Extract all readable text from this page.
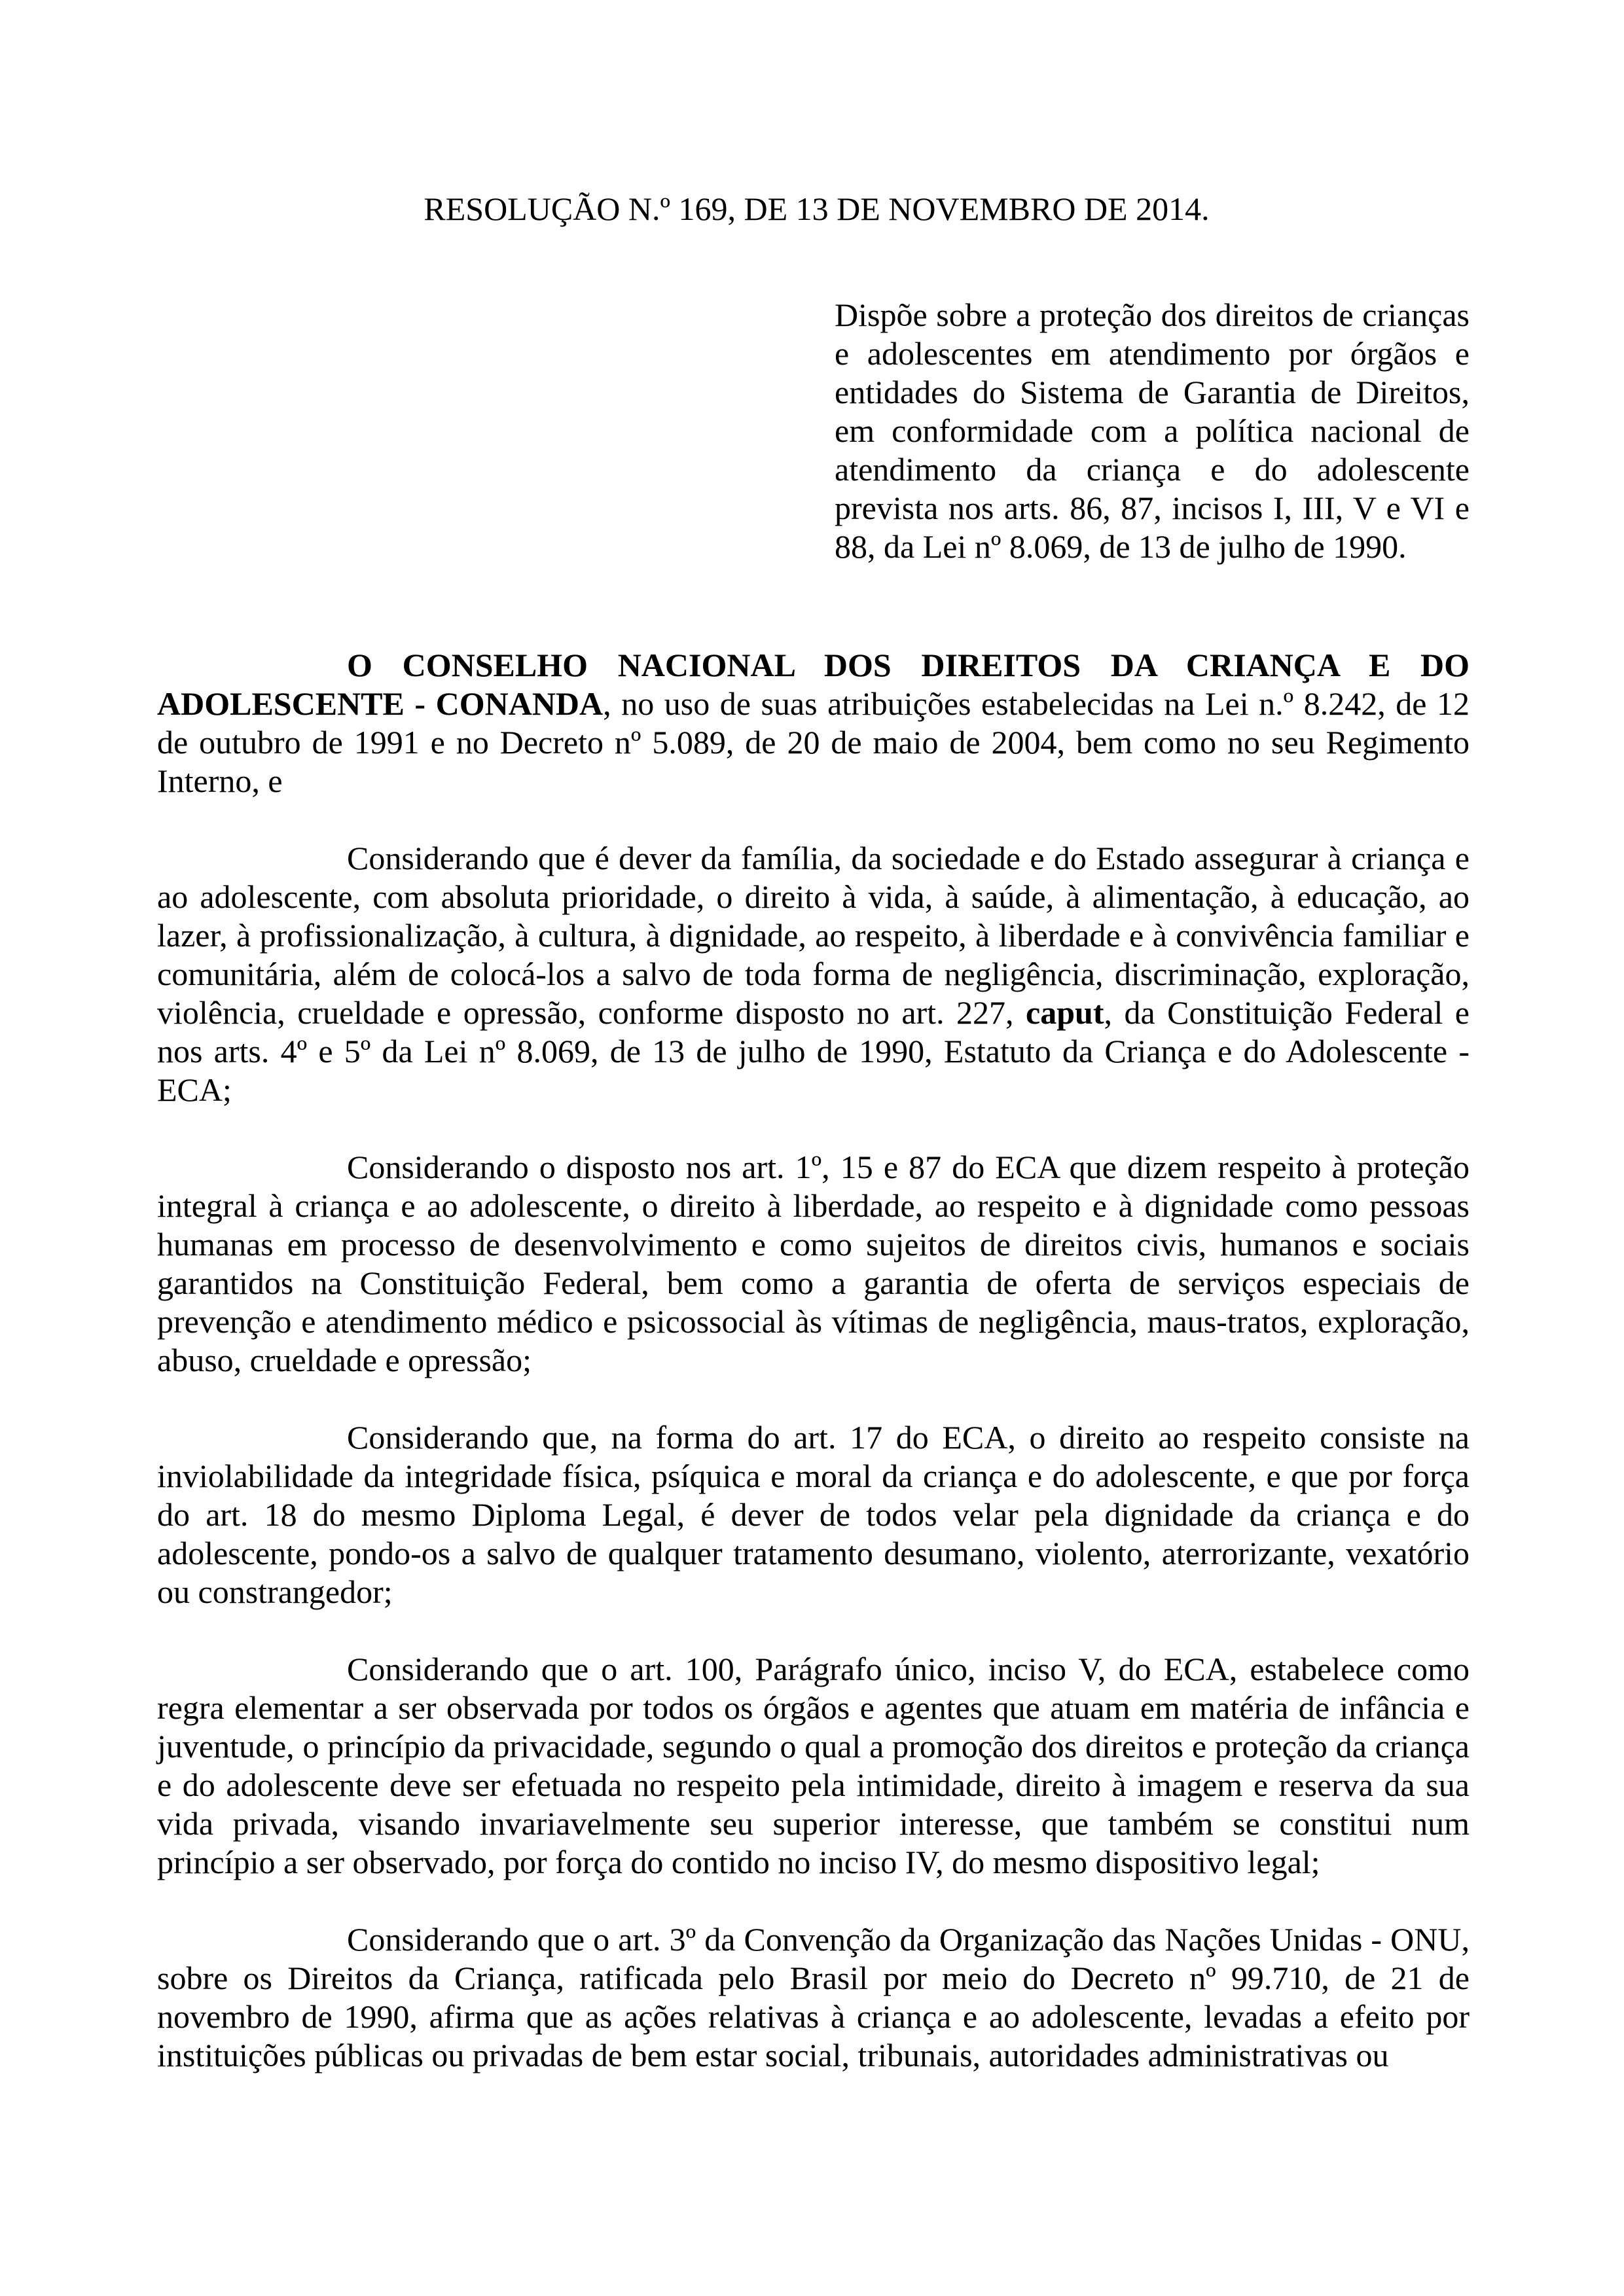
RESOLUÇÃO N.º 169, DE 13 DE NOVEMBRO DE 2014.
Dispõe sobre a proteção dos direitos de crianças e adolescentes em atendimento por órgãos e entidades do Sistema de Garantia de Direitos, em conformidade com a política nacional de atendimento da criança e do adolescente prevista nos arts. 86, 87, incisos I, III, V e VI e 88, da Lei nº 8.069, de 13 de julho de 1990.

O CONSELHO NACIONAL DOS DIREITOS DA CRIANÇA E DO ADOLESCENTE - CONANDA, no uso de suas atribuições estabelecidas na Lei n.º 8.242, de 12 de outubro de 1991 e no Decreto nº 5.089, de 20 de maio de 2004, bem como no seu Regimento Interno, e

Considerando que é dever da família, da sociedade e do Estado assegurar à criança e ao adolescente, com absoluta prioridade, o direito à vida, à saúde, à alimentação, à educação, ao lazer, à profissionalização, à cultura, à dignidade, ao respeito, à liberdade e à convivência familiar e comunitária, além de colocá-los a salvo de toda forma de negligência, discriminação, exploração, violência, crueldade e opressão, conforme disposto no art. 227, caput, da Constituição Federal e nos arts. 4º e 5º da Lei nº 8.069, de 13 de julho de 1990, Estatuto da Criança e do Adolescente - ECA;

Considerando o disposto nos art. 1º, 15 e 87 do ECA que dizem respeito à proteção integral à criança e ao adolescente, o direito à liberdade, ao respeito e à dignidade como pessoas humanas em processo de desenvolvimento e como sujeitos de direitos civis, humanos e sociais garantidos na Constituição Federal, bem como a garantia de oferta de serviços especiais de prevenção e atendimento médico e psicossocial às vítimas de negligência, maus-tratos, exploração, abuso, crueldade e opressão;

Considerando que, na forma do art. 17 do ECA, o direito ao respeito consiste na inviolabilidade da integridade física, psíquica e moral da criança e do adolescente, e que por força do art. 18 do mesmo Diploma Legal, é dever de todos velar pela dignidade da criança e do adolescente, pondo-os a salvo de qualquer tratamento desumano, violento, aterrorizante, vexatório ou constrangedor;

Considerando que o art. 100, Parágrafo único, inciso V, do ECA, estabelece como regra elementar a ser observada por todos os órgãos e agentes que atuam em matéria de infância e juventude, o princípio da privacidade, segundo o qual a promoção dos direitos e proteção da criança e do adolescente deve ser efetuada no respeito pela intimidade, direito à imagem e reserva da sua vida privada, visando invariavelmente seu superior interesse, que também se constitui num princípio a ser observado, por força do contido no inciso IV, do mesmo dispositivo legal;

Considerando que o art. 3º da Convenção da Organização das Nações Unidas - ONU, sobre os Direitos da Criança, ratificada pelo Brasil por meio do Decreto nº 99.710, de 21 de novembro de 1990, afirma que as ações relativas à criança e ao adolescente, levadas a efeito por instituições públicas ou privadas de bem estar social, tribunais, autoridades administrativas ou
